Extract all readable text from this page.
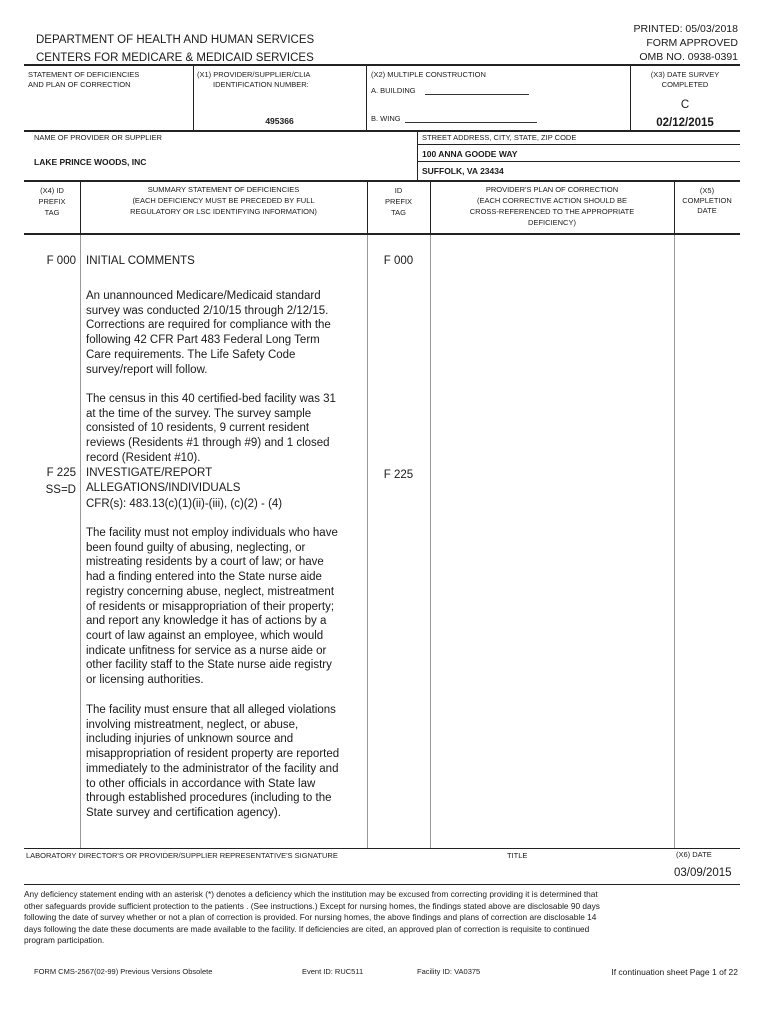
PRINTED: 05/03/2018
FORM APPROVED
OMB NO. 0938-0391
DEPARTMENT OF HEALTH AND HUMAN SERVICES
CENTERS FOR MEDICARE & MEDICAID SERVICES
STATEMENT OF DEFICIENCIES
AND PLAN OF CORRECTION
(X1) PROVIDER/SUPPLIER/CLIA
IDENTIFICATION NUMBER:
495366
(X2) MULTIPLE CONSTRUCTION
A. BUILDING
B. WING
(X3) DATE SURVEY
COMPLETED
C
02/12/2015
NAME OF PROVIDER OR SUPPLIER
LAKE PRINCE WOODS, INC
STREET ADDRESS, CITY, STATE, ZIP CODE
100 ANNA GOODE WAY
SUFFOLK, VA 23434
(X4) ID
PREFIX
TAG
SUMMARY STATEMENT OF DEFICIENCIES
(EACH DEFICIENCY MUST BE PRECEDED BY FULL
REGULATORY OR LSC IDENTIFYING INFORMATION)
ID
PREFIX
TAG
PROVIDER'S PLAN OF CORRECTION
(EACH CORRECTIVE ACTION SHOULD BE
CROSS-REFERENCED TO THE APPROPRIATE
DEFICIENCY)
(X5)
COMPLETION
DATE
F 000 INITIAL COMMENTS	F 000
An unannounced Medicare/Medicaid standard
survey was conducted 2/10/15 through 2/12/15.
Corrections are required for compliance with the
following 42 CFR Part 483 Federal Long Term
Care requirements. The Life Safety Code
survey/report will follow.
The census in this 40 certified-bed facility was 31
at the time of the survey. The survey sample
consisted of 10 residents, 9 current resident
reviews (Residents #1 through #9) and 1 closed
record (Resident #10).
F 225
SS=D
INVESTIGATE/REPORT
ALLEGATIONS/INDIVIDUALS
CFR(s): 483.13(c)(1)(ii)-(iii), (c)(2) - (4)
F 225
The facility must not employ individuals who have
been found guilty of abusing, neglecting, or
mistreating residents by a court of law; or have
had a finding entered into the State nurse aide
registry concerning abuse, neglect, mistreatment
of residents or misappropriation of their property;
and report any knowledge it has of actions by a
court of law against an employee, which would
indicate unfitness for service as a nurse aide or
other facility staff to the State nurse aide registry
or licensing authorities.
The facility must ensure that all alleged violations
involving mistreatment, neglect, or abuse,
including injuries of unknown source and
misappropriation of resident property are reported
immediately to the administrator of the facility and
to other officials in accordance with State law
through established procedures (including to the
State survey and certification agency).
LABORATORY DIRECTOR'S OR PROVIDER/SUPPLIER REPRESENTATIVE'S SIGNATURE	TITLE	(X6) DATE
03/09/2015
Any deficiency statement ending with an asterisk (*) denotes a deficiency which the institution may be excused from correcting providing it is determined that
other safeguards provide sufficient protection to the patients . (See instructions.) Except for nursing homes, the findings stated above are disclosable 90 days
following the date of survey whether or not a plan of correction is provided. For nursing homes, the above findings and plans of correction are disclosable 14
days following the date these documents are made available to the facility. If deficiencies are cited, an approved plan of correction is requisite to continued
program participation.
FORM CMS-2567(02-99) Previous Versions Obsolete	Event ID: RUC511	Facility ID: VA0375	If continuation sheet Page 1 of 22
